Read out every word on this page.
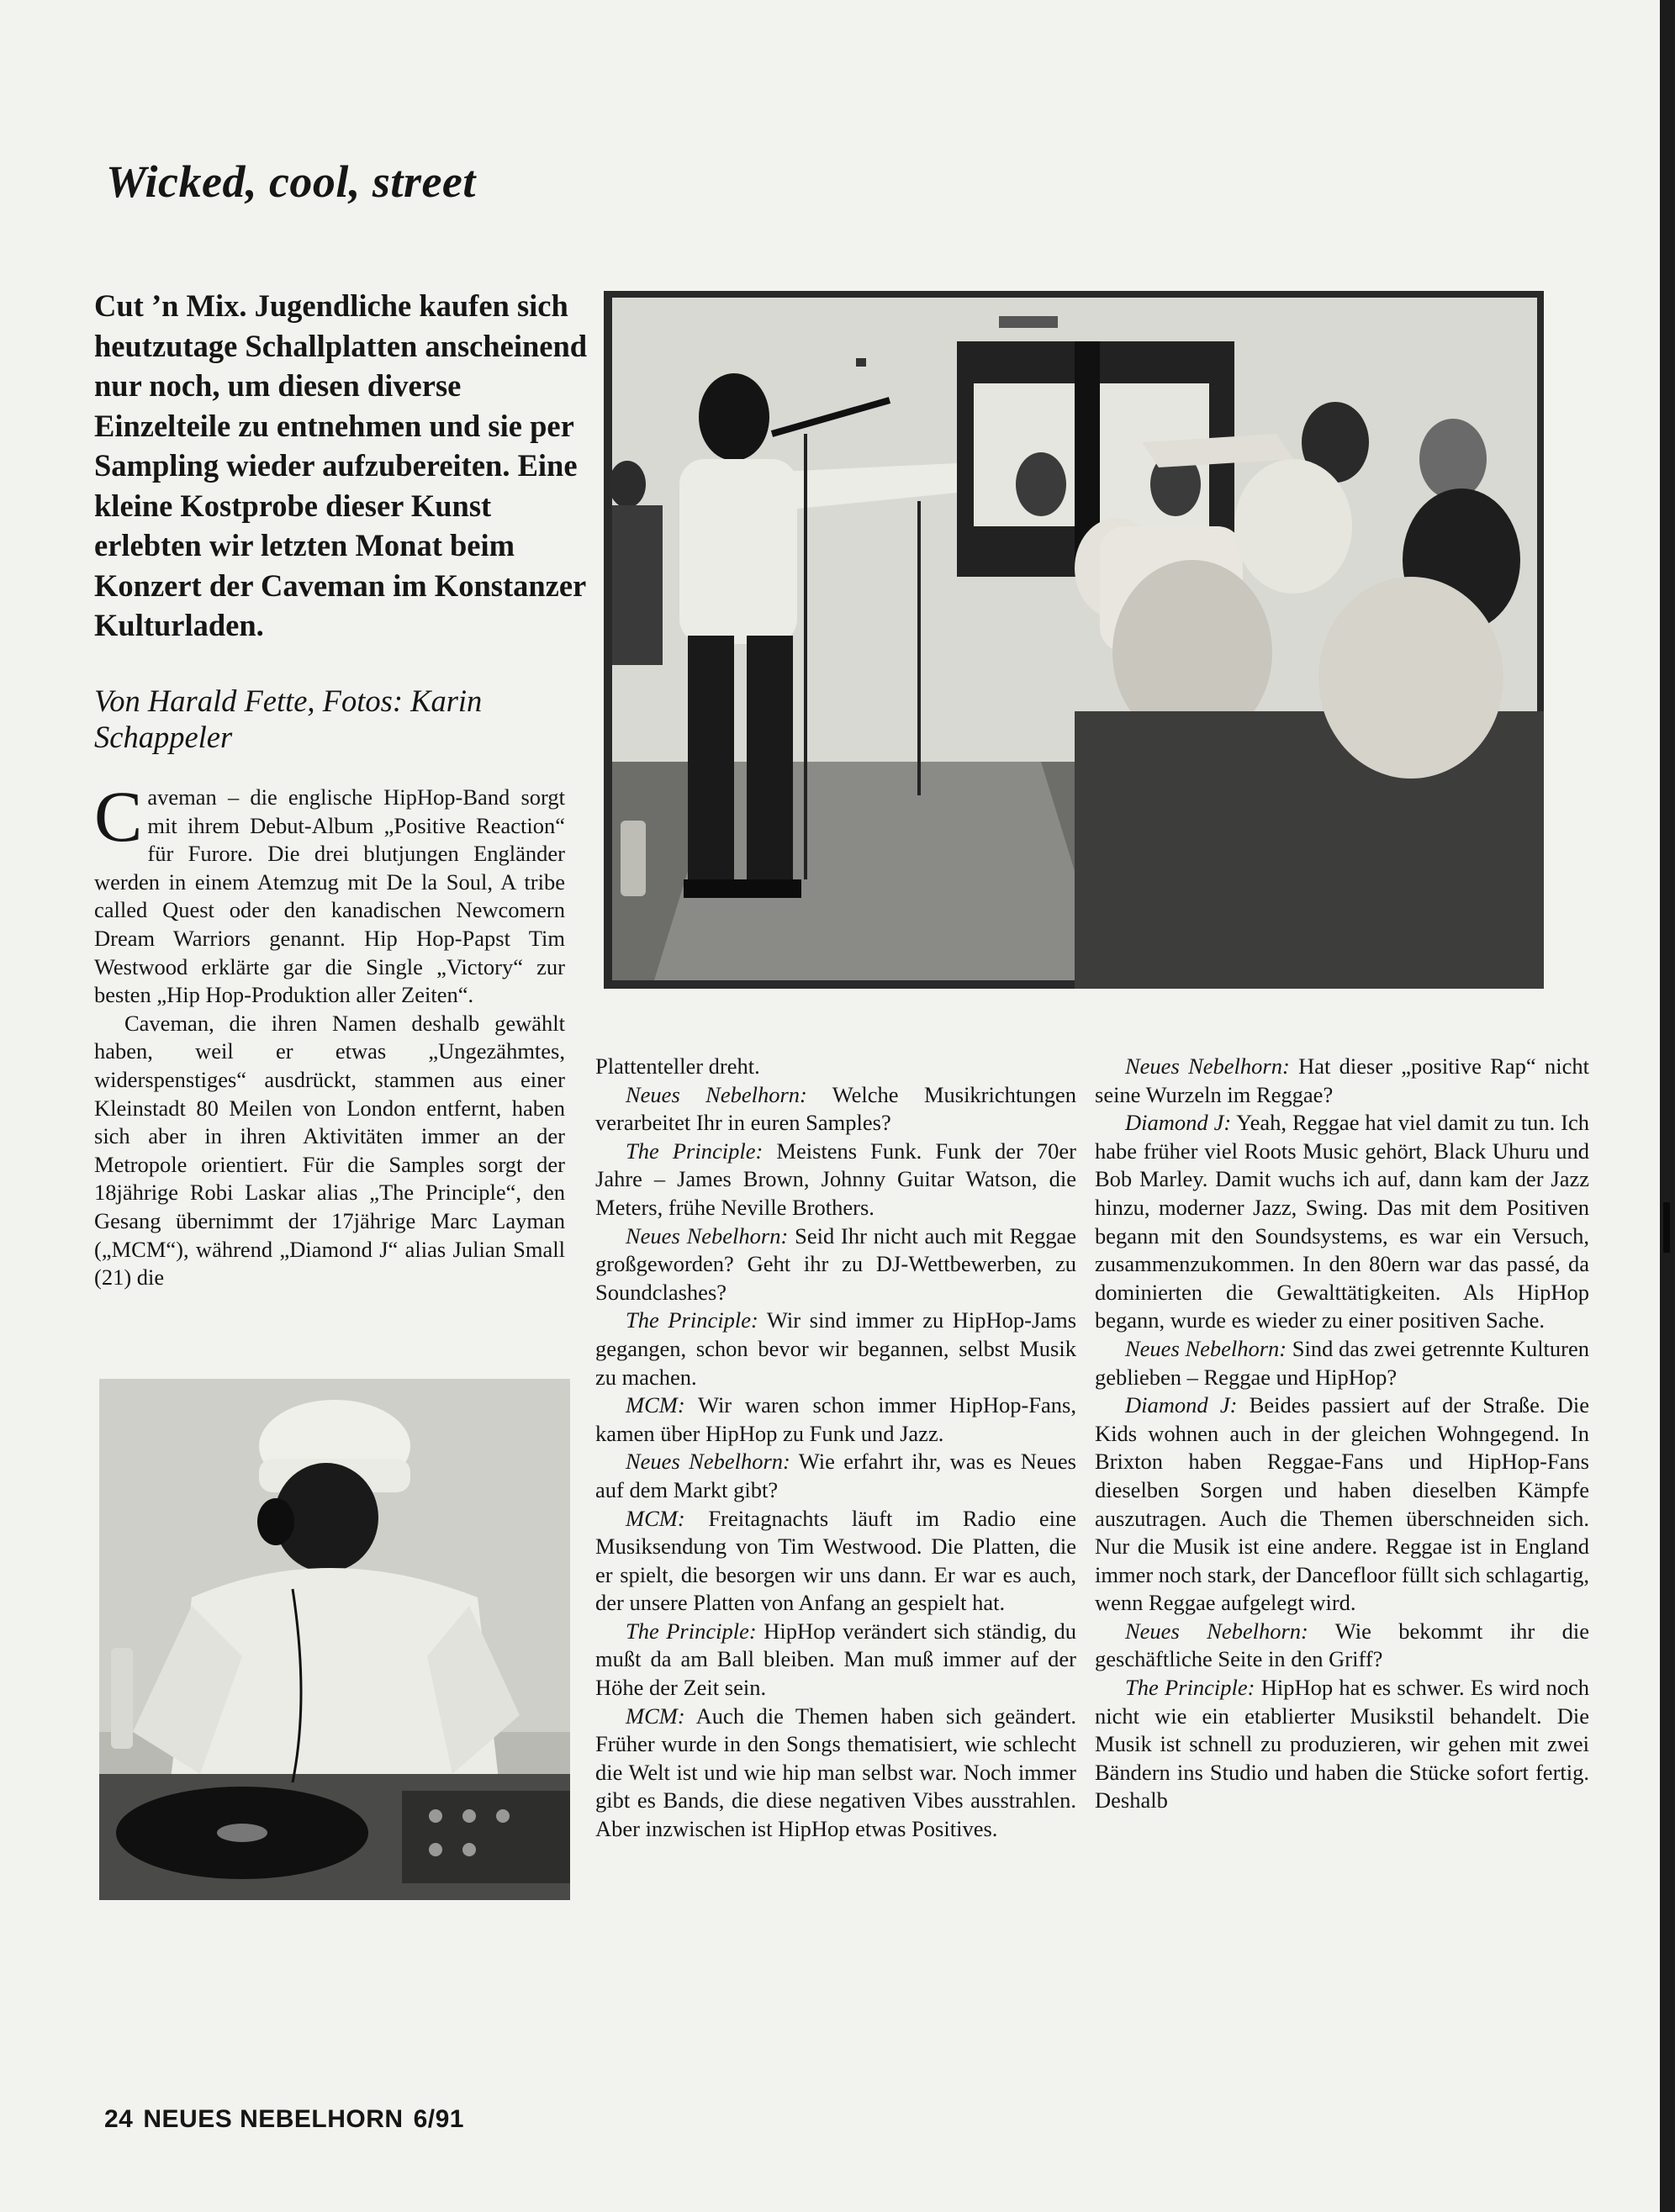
Wicked, cool, street
Cut ’n Mix. Jugendliche kaufen sich heutzutage Schallplatten anscheinend nur noch, um diesen diverse Einzelteile zu entnehmen und sie per Sampling wieder aufzubereiten. Eine kleine Kostprobe dieser Kunst erlebten wir letzten Monat beim Konzert der Caveman im Konstanzer Kulturladen.
Von Harald Fette, Fotos: Karin Schappeler

Caveman – die englische HipHop-Band sorgt mit ihrem Debut-Album „Positive Reaction“ für Furore. Die drei blutjungen Engländer werden in einem Atemzug mit De la Soul, A tribe called Quest oder den kanadischen Newcomern Dream Warriors genannt. Hip Hop-Papst Tim Westwood erklärte gar die Single „Victory“ zur besten „Hip Hop-Produktion aller Zeiten“.

Caveman, die ihren Namen deshalb gewählt haben, weil er etwas „Ungezähmtes, widerspenstiges“ ausdrückt, stammen aus einer Kleinstadt 80 Meilen von London entfernt, haben sich aber in ihren Aktivitäten immer an der Metropole orientiert. Für die Samples sorgt der 18jährige Robi Laskar alias „The Principle“, den Gesang übernimmt der 17jährige Marc Layman („MCM“), während „Diamond J“ alias Julian Small (21) die

Plattenteller dreht.

Neues Nebelhorn: Welche Musikrichtungen verarbeitet Ihr in euren Samples?

The Principle: Meistens Funk. Funk der 70er Jahre – James Brown, Johnny Guitar Watson, die Meters, frühe Neville Brothers.

Neues Nebelhorn: Seid Ihr nicht auch mit Reggae großgeworden? Geht ihr zu DJ-Wettbewerben, zu Soundclashes?

The Principle: Wir sind immer zu HipHop-Jams gegangen, schon bevor wir begannen, selbst Musik zu machen.

MCM: Wir waren schon immer HipHop-Fans, kamen über HipHop zu Funk und Jazz.

Neues Nebelhorn: Wie erfahrt ihr, was es Neues auf dem Markt gibt?

MCM: Freitagnachts läuft im Radio eine Musiksendung von Tim Westwood. Die Platten, die er spielt, die besorgen wir uns dann. Er war es auch, der unsere Platten von Anfang an gespielt hat.

The Principle: HipHop verändert sich ständig, du mußt da am Ball bleiben. Man muß immer auf der Höhe der Zeit sein.

MCM: Auch die Themen haben sich geändert. Früher wurde in den Songs thematisiert, wie schlecht die Welt ist und wie hip man selbst war. Noch immer gibt es Bands, die diese negativen Vibes ausstrahlen. Aber inzwischen ist HipHop etwas Positives.

Neues Nebelhorn: Hat dieser „positive Rap“ nicht seine Wurzeln im Reggae?

Diamond J: Yeah, Reggae hat viel damit zu tun. Ich habe früher viel Roots Music gehört, Black Uhuru und Bob Marley. Damit wuchs ich auf, dann kam der Jazz hinzu, moderner Jazz, Swing. Das mit dem Positiven begann mit den Soundsystems, es war ein Versuch, zusammenzukommen. In den 80ern war das passé, da dominierten die Gewalttätigkeiten. Als HipHop begann, wurde es wieder zu einer positiven Sache.

Neues Nebelhorn: Sind das zwei getrennte Kulturen geblieben – Reggae und HipHop?

Diamond J: Beides passiert auf der Straße. Die Kids wohnen auch in der gleichen Wohngegend. In Brixton haben Reggae-Fans und HipHop-Fans dieselben Sorgen und haben dieselben Kämpfe auszutragen. Auch die Themen überschneiden sich. Nur die Musik ist eine andere. Reggae ist in England immer noch stark, der Dancefloor füllt sich schlagartig, wenn Reggae aufgelegt wird.

Neues Nebelhorn: Wie bekommt ihr die geschäftliche Seite in den Griff?

The Principle: HipHop hat es schwer. Es wird noch nicht wie ein etablierter Musikstil behandelt. Die Musik ist schnell zu produzieren, wir gehen mit zwei Bändern ins Studio und haben die Stücke sofort fertig. Deshalb

24 NEUES NEBELHORN 6/91
